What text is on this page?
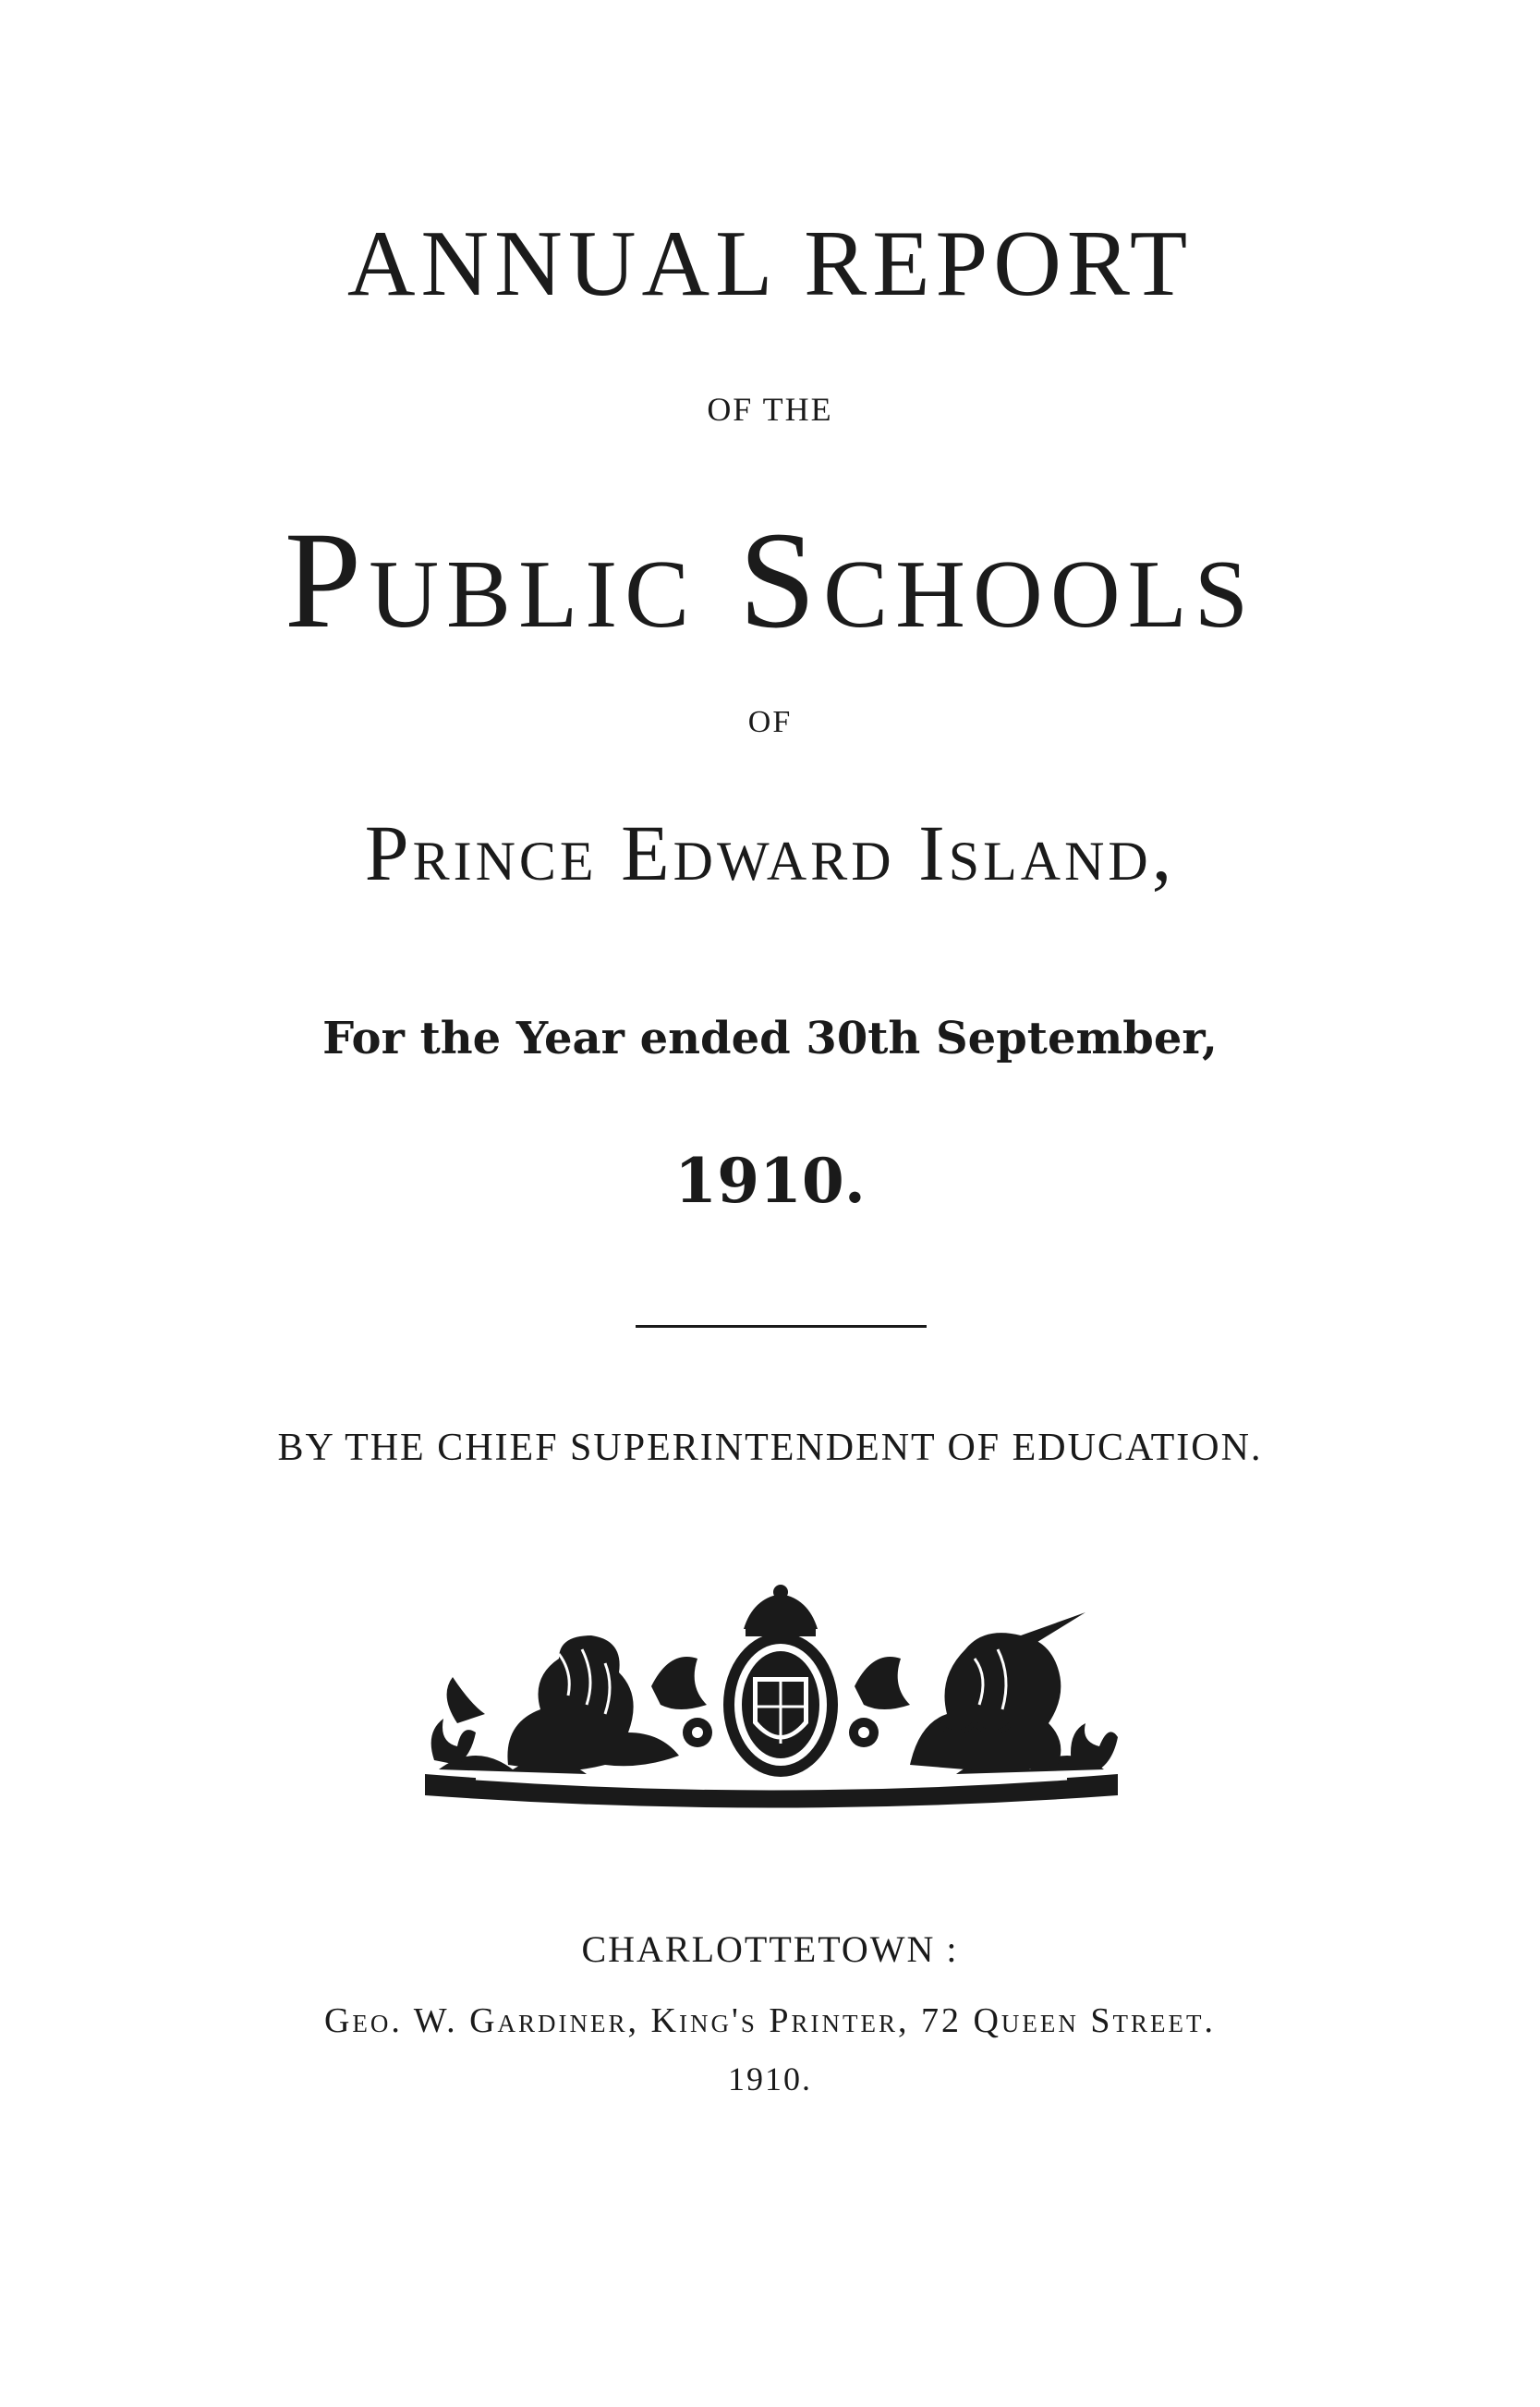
ANNUAL REPORT
OF THE
Public Schools
OF
Prince Edward Island,
For the Year ended 30th September,
1910.
BY THE CHIEF SUPERINTENDENT OF EDUCATION.
CHARLOTTETOWN :
Geo. W. Gardiner, King's Printer, 72 Queen Street.
1910.
